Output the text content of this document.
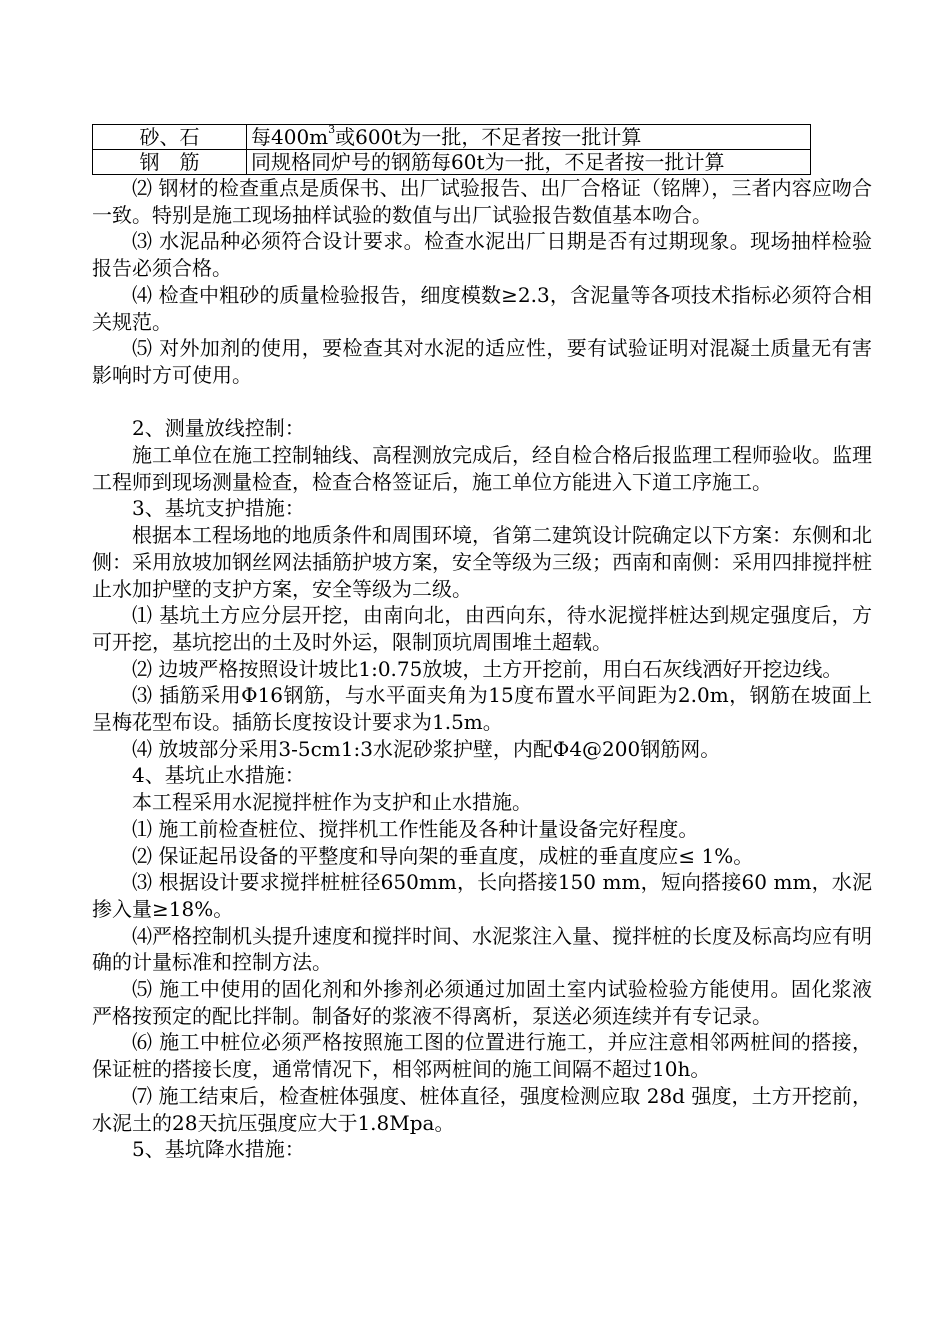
砂、石	每$400m^3$或600t为一批，不足者按一批计算
钢　筋	同规格同炉号的钢筋每60t为一批，不足者按一批计算

⑵ 钢材的检查重点是质保书、出厂试验报告、出厂合格证（铭牌），三者内容应吻合一致。特别是施工现场抽样试验的数值与出厂试验报告数值基本吻合。

⑶ 水泥品种必须符合设计要求。检查水泥出厂日期是否有过期现象。现场抽样检验报告必须合格。

⑷ 检查中粗砂的质量检验报告，细度模数≥2.3，含泥量等各项技术指标必须符合相关规范。

⑸ 对外加剂的使用，要检查其对水泥的适应性，要有试验证明对混凝土质量无有害影响时方可使用。

2、测量放线控制：

施工单位在施工控制轴线、高程测放完成后，经自检合格后报监理工程师验收。监理工程师到现场测量检查，检查合格签证后，施工单位方能进入下道工序施工。

3、基坑支护措施：

根据本工程场地的地质条件和周围环境，省第二建筑设计院确定以下方案：东侧和北侧：采用放坡加钢丝网法插筋护坡方案，安全等级为三级；西南和南侧：采用四排搅拌桩止水加护壁的支护方案，安全等级为二级。

⑴ 基坑土方应分层开挖，由南向北，由西向东，待水泥搅拌桩达到规定强度后，方可开挖，基坑挖出的土及时外运，限制顶坑周围堆土超载。

⑵ 边坡严格按照设计坡比1:0.75放坡，土方开挖前，用白石灰线洒好开挖边线。

⑶ 插筋采用Φ16钢筋，与水平面夹角为15度布置水平间距为2.0m，钢筋在坡面上呈梅花型布设。插筋长度按设计要求为1.5m。

⑷ 放坡部分采用3-5cm1:3水泥砂浆护壁，内配Φ4@200钢筋网。

4、基坑止水措施：

本工程采用水泥搅拌桩作为支护和止水措施。

⑴ 施工前检查桩位、搅拌机工作性能及各种计量设备完好程度。

⑵ 保证起吊设备的平整度和导向架的垂直度，成桩的垂直度应≤ 1%。

⑶ 根据设计要求搅拌桩桩径650mm，长向搭接150 mm，短向搭接60 mm，水泥掺入量≥18%。

⑷严格控制机头提升速度和搅拌时间、水泥浆注入量、搅拌桩的长度及标高均应有明确的计量标准和控制方法。

⑸ 施工中使用的固化剂和外掺剂必须通过加固土室内试验检验方能使用。固化浆液严格按预定的配比拌制。制备好的浆液不得离析，泵送必须连续并有专记录。

⑹ 施工中桩位必须严格按照施工图的位置进行施工，并应注意相邻两桩间的搭接，保证桩的搭接长度，通常情况下，相邻两桩间的施工间隔不超过10h。

⑺ 施工结束后，检查桩体强度、桩体直径，强度检测应取 28d 强度，土方开挖前，水泥土的28天抗压强度应大于1.8Mpa。

5、基坑降水措施：
